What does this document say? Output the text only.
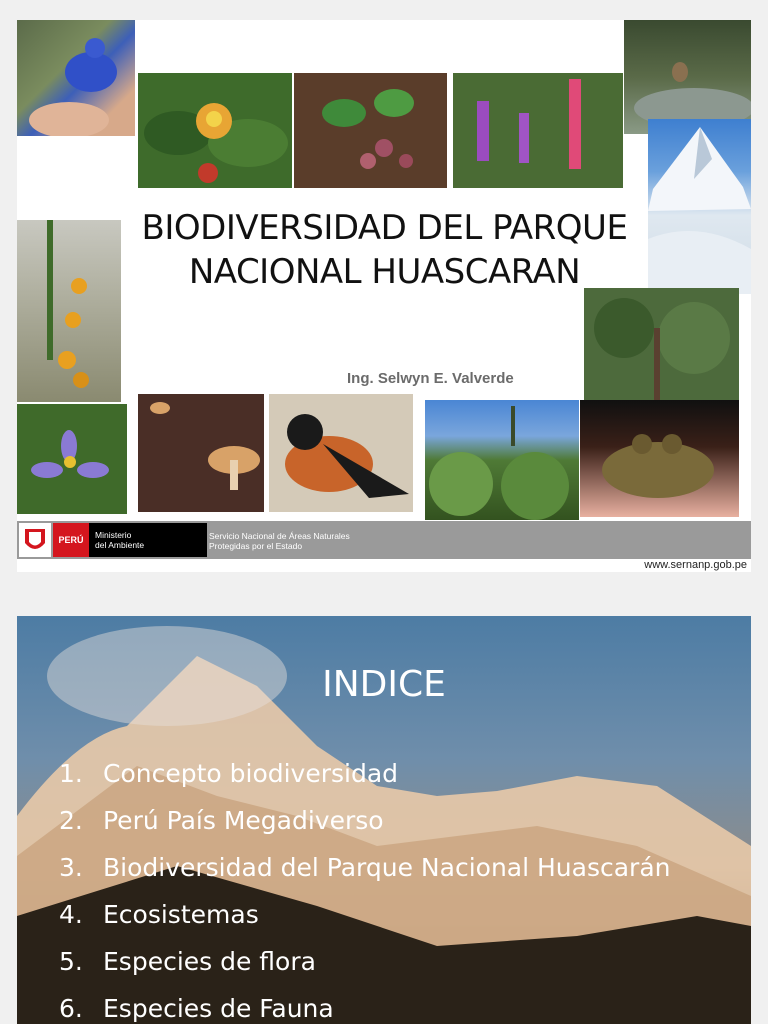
BIODIVERSIDAD DEL PARQUE
NACIONAL HUASCARAN
Ing. Selwyn E. Valverde
PERÚ	Ministerio
del Ambiente
Servicio Nacional de Áreas Naturales
Protegidas por el Estado
www.sernanp.gob.pe
INDICE
1. Concepto biodiversidad
2. Perú País Megadiverso
3. Biodiversidad del Parque Nacional Huascarán
4. Ecosistemas
5. Especies de flora
6. Especies de Fauna
